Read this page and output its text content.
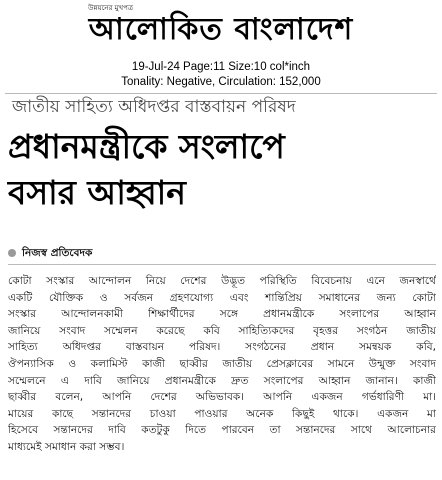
উন্নয়নের মুখপত্র
আলোকিত বাংলাদেশ
19-Jul-24 Page:11 Size:10 col*inch
Tonality: Negative, Circulation: 152,000
জাতীয় সাহিত্য অধিদপ্তর বাস্তবায়ন পরিষদ
প্রধানমন্ত্রীকে সংলাপে
বসার আহ্বান
নিজস্ব প্রতিবেদক
কোটা সংস্কার আন্দোলন নিয়ে দেশের উদ্ভূত পরিস্থিতি বিবেচনায় এনে জনস্বার্থে
একটি যৌক্তিক ও সর্বজন গ্রহণযোগ্য এবং শান্তিপ্রিয় সমাধানের জন্য কোটা
সংস্কার আন্দোলনকামী শিক্ষার্থীদের সঙ্গে প্রধানমন্ত্রীকে সংলাপের আহ্বান
জানিয়ে সংবাদ সম্মেলন করেছে কবি সাহিত্যিকদের বৃহত্তর সংগঠন জাতীয়
সাহিত্য অধিদপ্তর বাস্তবায়ন পরিষদ। সংগঠনের প্রধান সমন্বয়ক কবি,
ঔপন্যাসিক ও কলামিস্ট কাজী ছাব্বীর জাতীয় প্রেসক্লাবের সামনে উন্মুক্ত সংবাদ
সম্মেলনে এ দাবি জানিয়ে প্রধানমন্ত্রীকে দ্রুত সংলাপের আহ্বান জানান। কাজী
ছাব্বীর বলেন, আপনি দেশের অভিভাবক। আপনি একজন গর্ভধারিণী মা।
মায়ের কাছে সন্তানদের চাওয়া পাওয়ার অনেক কিছুই থাকে। একজন মা
হিসেবে সন্তানদের দাবি কতটুকু দিতে পারবেন তা সন্তানদের সাথে আলোচনার
মাধ্যমেই সমাধান করা সম্ভব।
